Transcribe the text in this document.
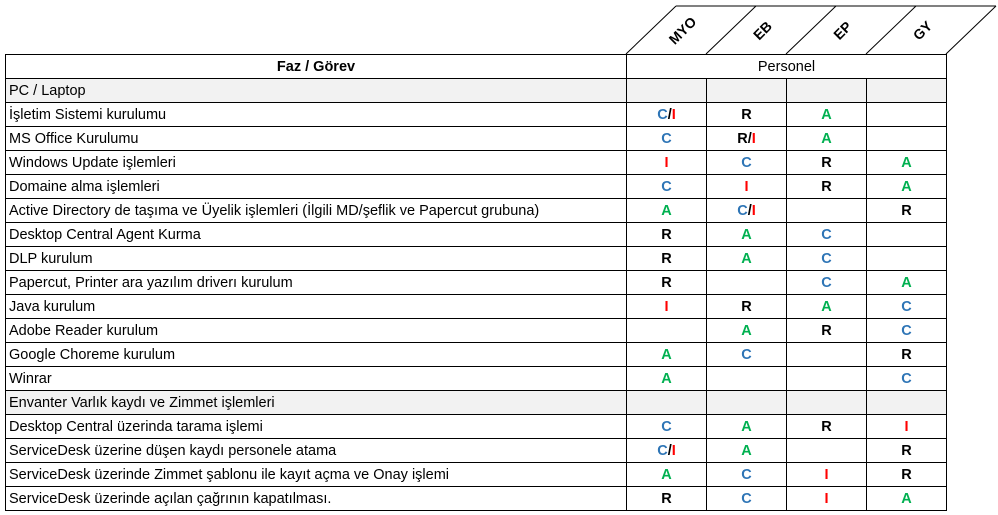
MYO	EB	EP	GY
Faz / Görev	Personel			
PC / Laptop				
İşletim Sistemi kurulumu	C/I	R	A	
MS Office Kurulumu	C	R/I	A	
Windows Update işlemleri	I	C	R	A
Domaine alma işlemleri	C	I	R	A
Active Directory de taşıma ve Üyelik işlemleri (İlgili MD/şeflik ve Papercut grubuna)	A	C/I		R
Desktop Central Agent Kurma	R	A	C	
DLP kurulum	R	A	C	
Papercut, Printer ara yazılım driverı kurulum	R		C	A
Java kurulum	I	R	A	C
Adobe Reader kurulum		A	R	C
Google Choreme kurulum	A	C		R
Winrar	A			C
Envanter Varlık kaydı ve Zimmet işlemleri				
Desktop Central üzerinda tarama işlemi	C	A	R	I
ServiceDesk üzerine düşen kaydı personele atama	C/I	A		R
ServiceDesk üzerinde Zimmet şablonu ile kayıt açma ve Onay işlemi	A	C	I	R
ServiceDesk üzerinde açılan çağrının kapatılması.	R	C	I	A
